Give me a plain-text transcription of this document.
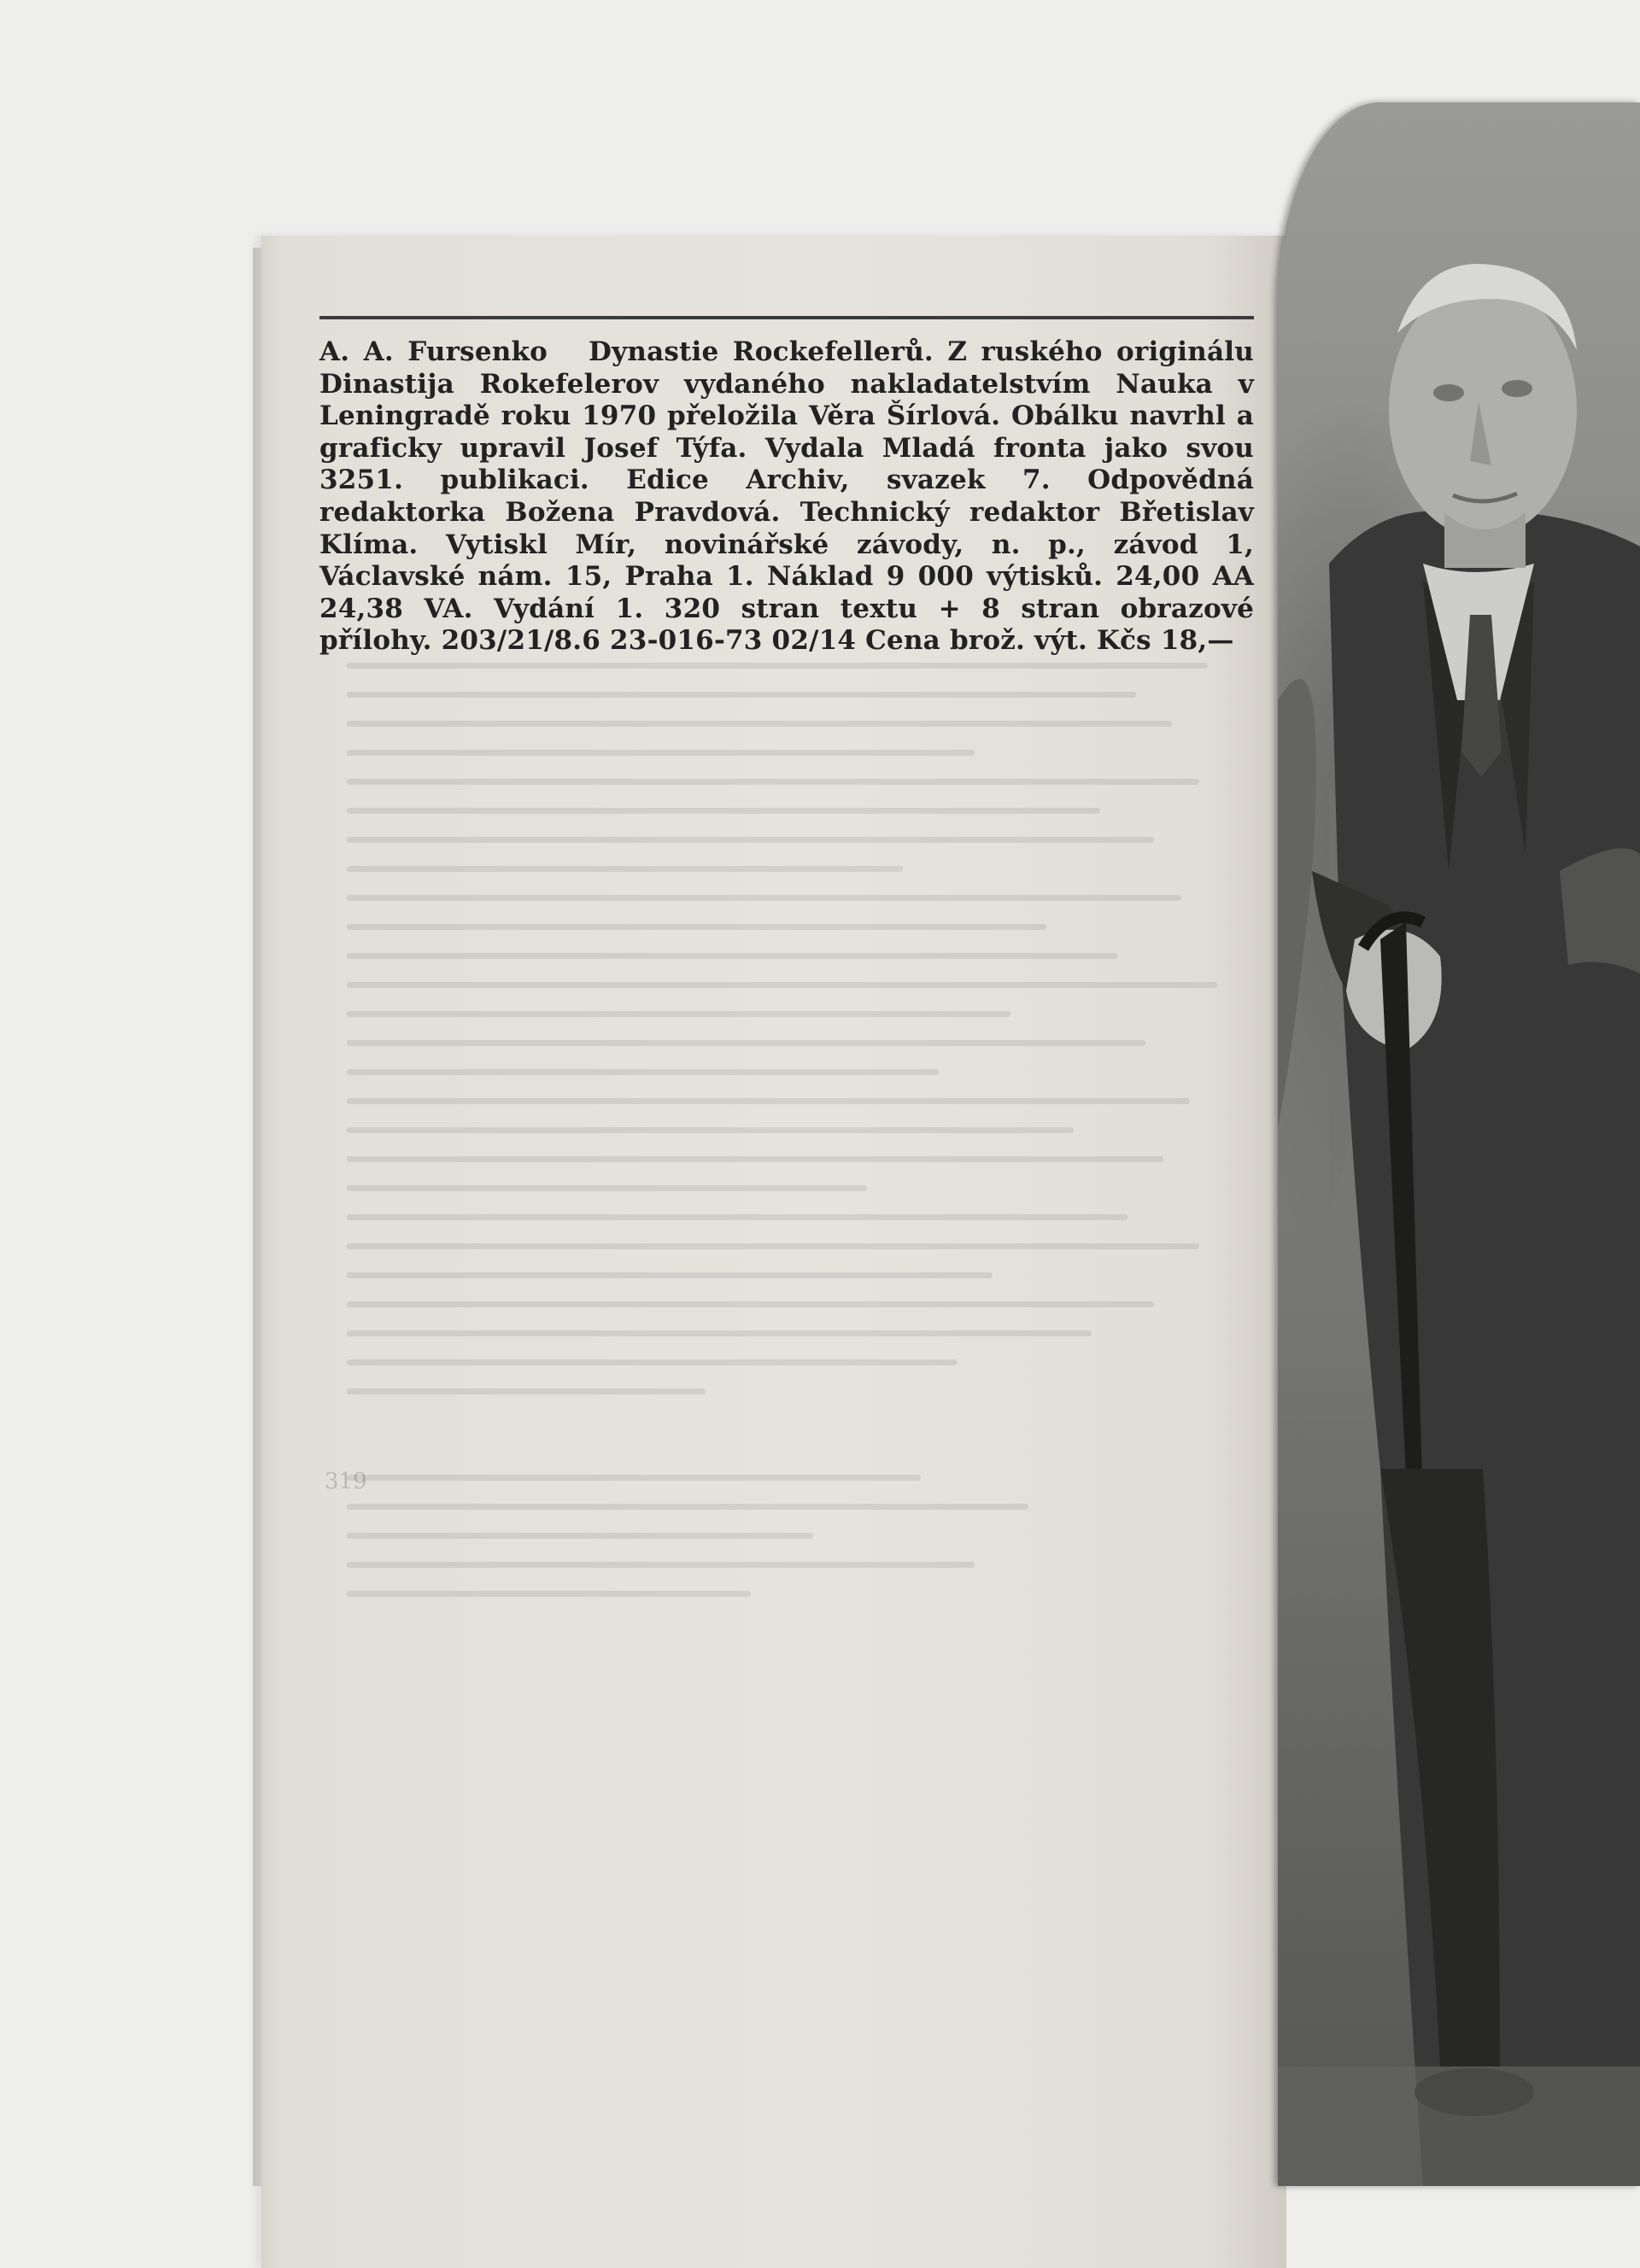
A. A. Fursenko Dynastie Rockefellerů. Z ruského originálu Dinastija Rokefelerov vydaného nakladatelstvím Nauka v Leningradě roku 1970 přeložila Věra Šírlová. Obálku navrhl a graficky upravil Josef Týfa. Vydala Mladá fronta jako svou 3251. publikaci. Edice Archiv, svazek 7. Odpovědná redaktorka Božena Pravdová. Technický redaktor Břetislav Klíma. Vytiskl Mír, novinářské závody, n. p., závod 1, Václavské nám. 15, Praha 1. Náklad 9 000 výtisků. 24,00 AA 24,38 VA. Vydání 1. 320 stran textu + 8 stran obrazové přílohy. 203/21/8.6 23-016-73 02/14 Cena brož. výt. Kčs 18,—

319
